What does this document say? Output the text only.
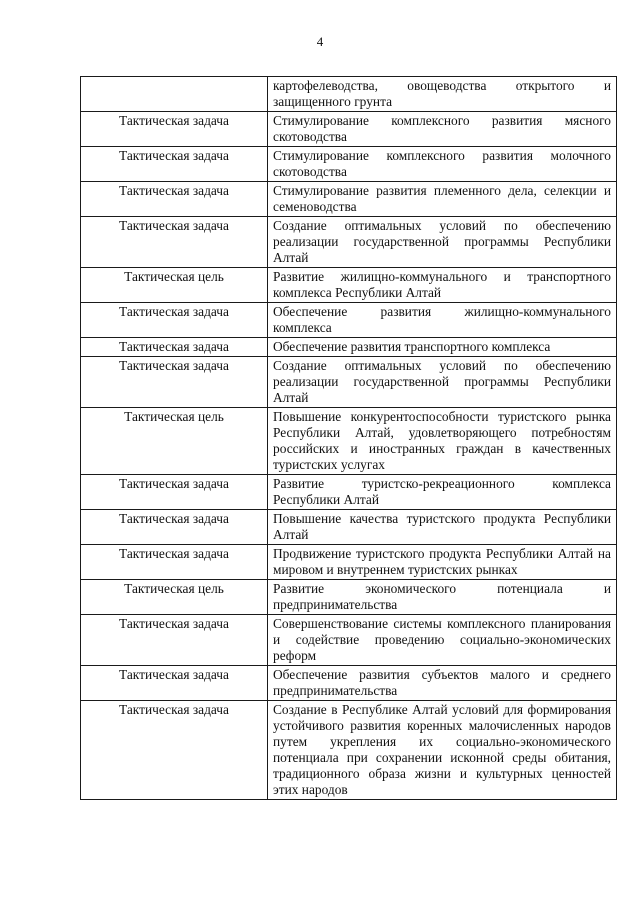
4
	картофелеводства, овощеводства открытого и защищенного грунта
Тактическая задача	Стимулирование комплексного развития мясного скотоводства
Тактическая задача	Стимулирование комплексного развития молочного скотоводства
Тактическая задача	Стимулирование развития племенного дела, селекции и семеноводства
Тактическая задача	Создание оптимальных условий по обеспечению реализации государственной программы Республики Алтай
Тактическая цель	Развитие жилищно-коммунального и транспортного комплекса Республики Алтай
Тактическая задача	Обеспечение развития жилищно-коммунального комплекса
Тактическая задача	Обеспечение развития транспортного комплекса
Тактическая задача	Создание оптимальных условий по обеспечению реализации государственной программы Республики Алтай
Тактическая цель	Повышение конкурентоспособности туристского рынка Республики Алтай, удовлетворяющего потребностям российских и иностранных граждан в качественных туристских услугах
Тактическая задача	Развитие туристско-рекреационного комплекса Республики Алтай
Тактическая задача	Повышение качества туристского продукта Республики Алтай
Тактическая задача	Продвижение туристского продукта Республики Алтай на мировом и внутреннем туристских рынках
Тактическая цель	Развитие экономического потенциала и предпринимательства
Тактическая задача	Совершенствование системы комплексного планирования и содействие проведению социально-экономических реформ
Тактическая задача	Обеспечение развития субъектов малого и среднего предпринимательства
Тактическая задача	Создание в Республике Алтай условий для формирования устойчивого развития коренных малочисленных народов путем укрепления их социально-экономического потенциала при сохранении исконной среды обитания, традиционного образа жизни и культурных ценностей этих народов
